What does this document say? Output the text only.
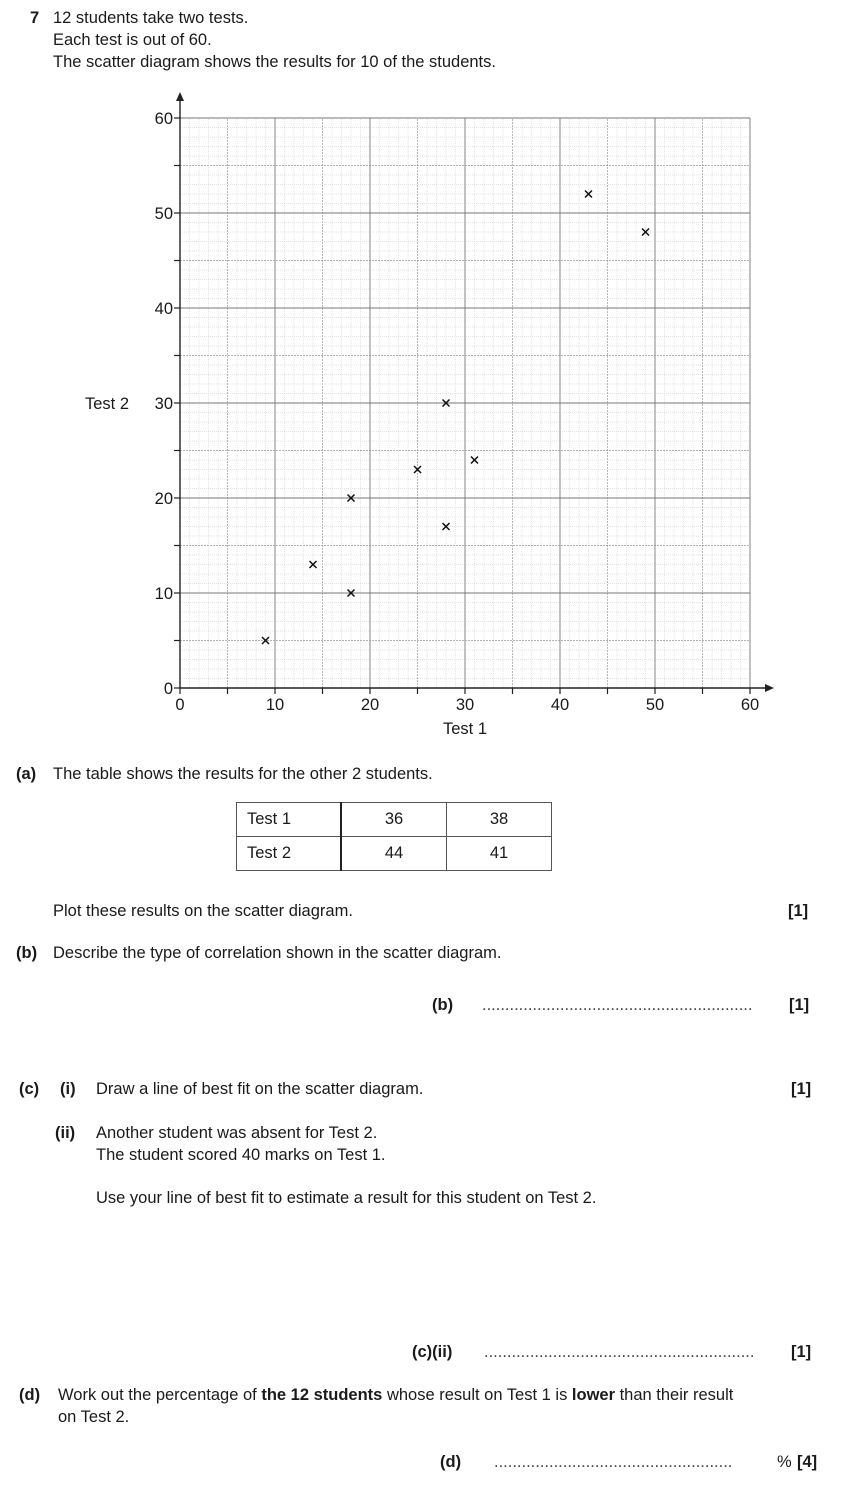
7 12 students take two tests.
Each test is out of 60.
The scatter diagram shows the results for 10 of the students.
0	10	20	30	40	50	60
0
10
20
30
40
50
60
Test 1
Test 2
(a) The table shows the results for the other 2 students.
Test 1	36	38
Test 2	44	41
Plot these results on the scatter diagram.	[1]
(b) Describe the type of correlation shown in the scatter diagram.
(b) ........................................................... [1]
(c) (i) Draw a line of best fit on the scatter diagram.	[1]
(ii) Another student was absent for Test 2.
The student scored 40 marks on Test 1.
Use your line of best fit to estimate a result for this student on Test 2.
(c)(ii) ........................................................... [1]
(d) Work out the percentage of the 12 students whose result on Test 1 is lower than their result
on Test 2.
(d) ....................................................	% [4]
